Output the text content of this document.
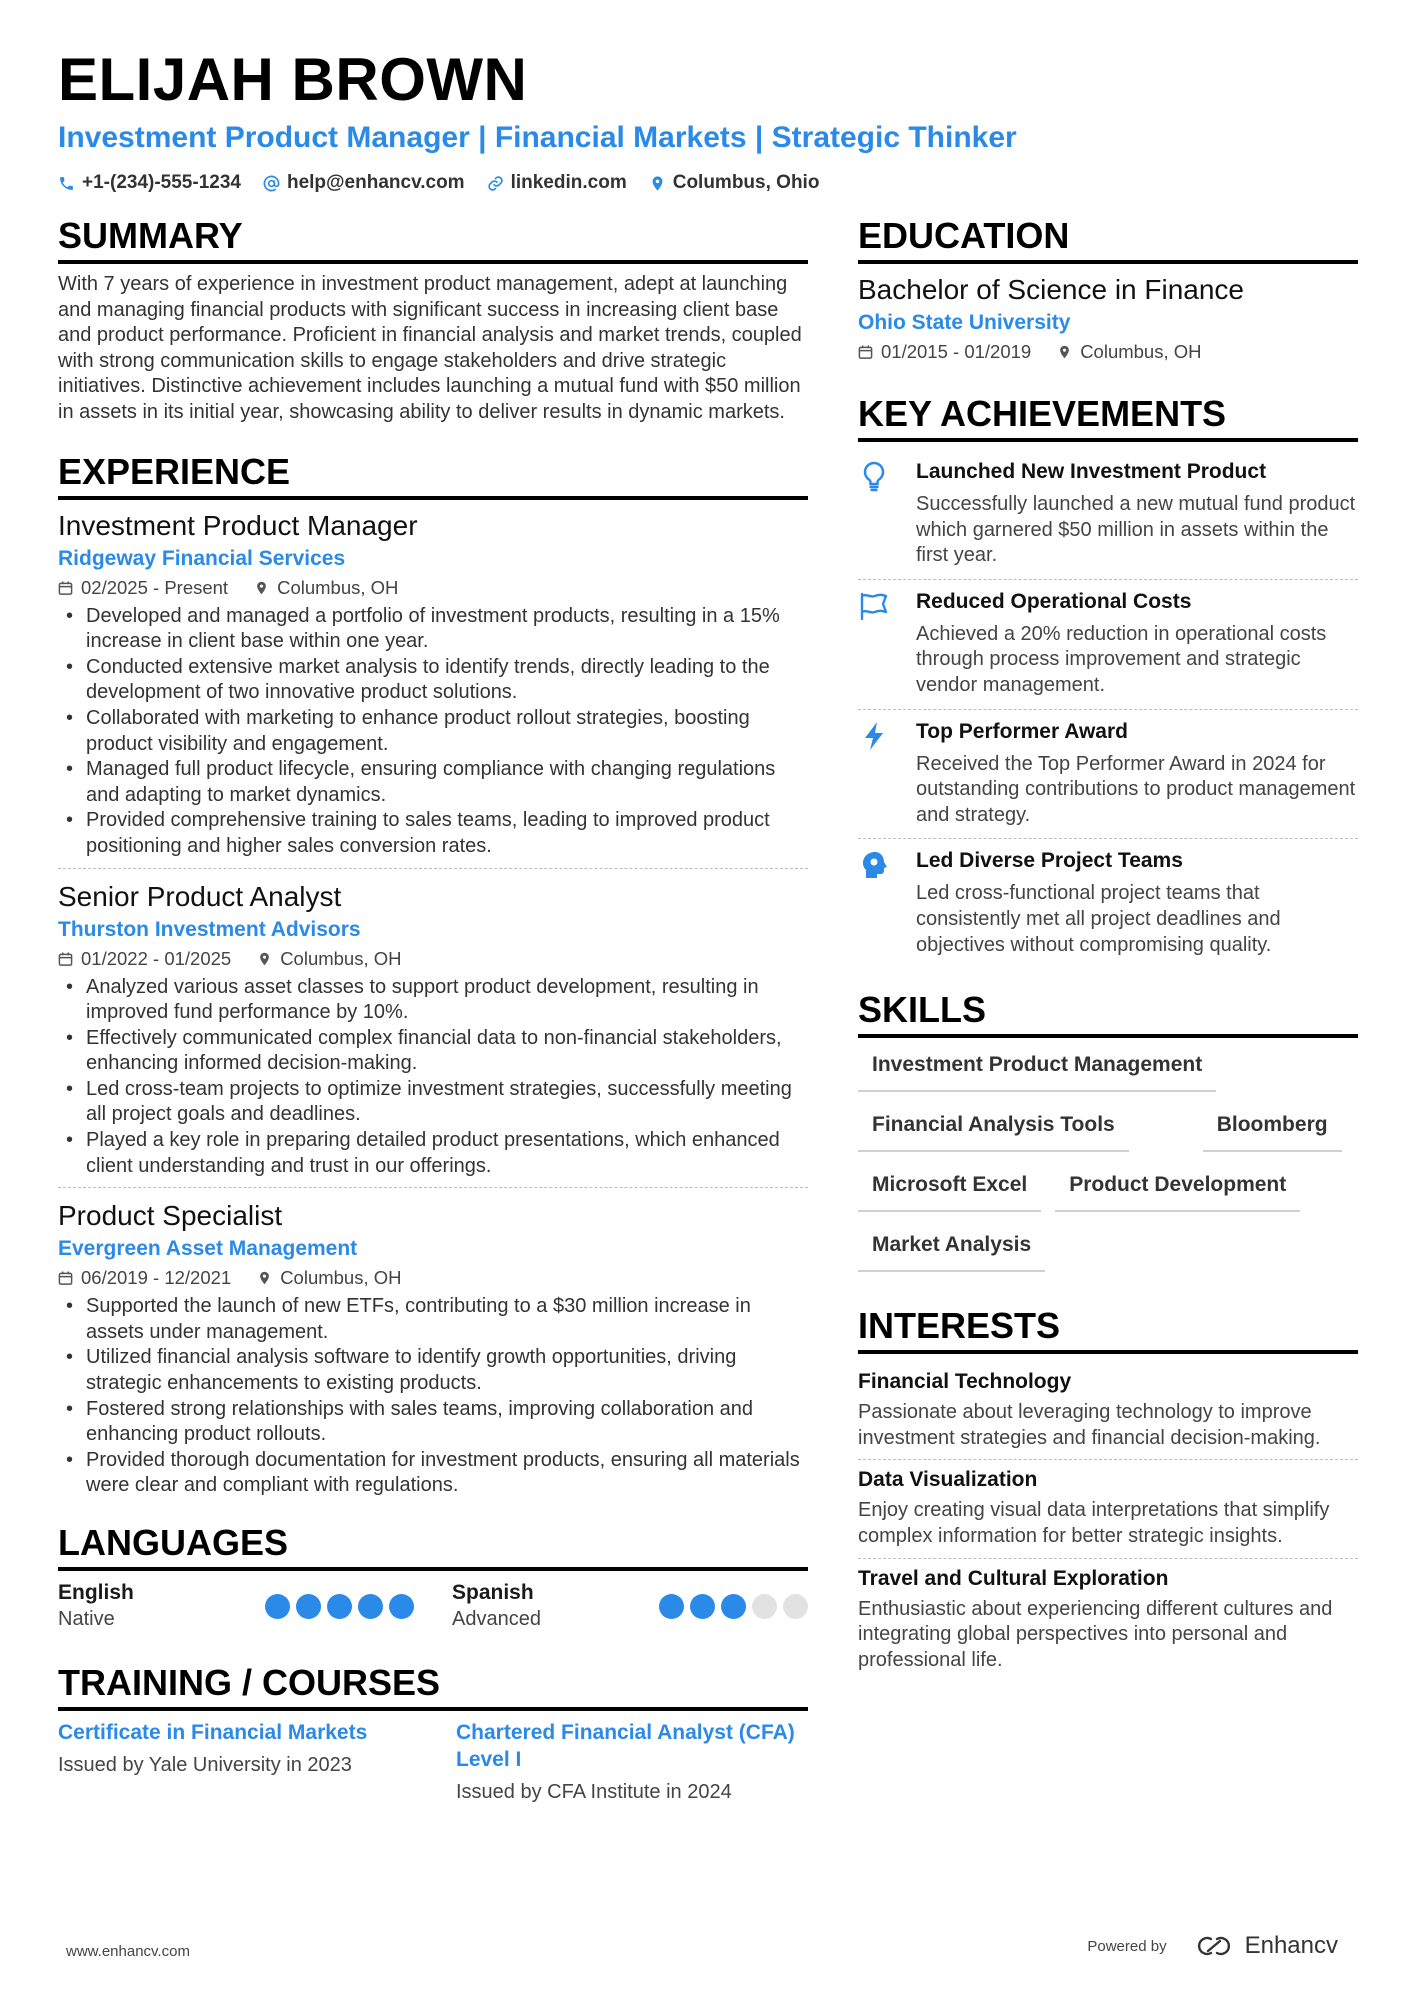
ELIJAH BROWN
Investment Product Manager | Financial Markets | Strategic Thinker
+1-(234)-555-1234 help@enhancv.com linkedin.com Columbus, Ohio
SUMMARY
With 7 years of experience in investment product management, adept at launching and managing financial products with significant success in increasing client base and product performance. Proficient in financial analysis and market trends, coupled with strong communication skills to engage stakeholders and drive strategic initiatives. Distinctive achievement includes launching a mutual fund with $50 million in assets in its initial year, showcasing ability to deliver results in dynamic markets.
EXPERIENCE
Investment Product Manager
Ridgeway Financial Services
02/2025 - Present	Columbus, OH
• Developed and managed a portfolio of investment products, resulting in a 15% increase in client base within one year.
• Conducted extensive market analysis to identify trends, directly leading to the development of two innovative product solutions.
• Collaborated with marketing to enhance product rollout strategies, boosting product visibility and engagement.
• Managed full product lifecycle, ensuring compliance with changing regulations and adapting to market dynamics.
• Provided comprehensive training to sales teams, leading to improved product positioning and higher sales conversion rates.
Senior Product Analyst
Thurston Investment Advisors
01/2022 - 01/2025	Columbus, OH
• Analyzed various asset classes to support product development, resulting in improved fund performance by 10%.
• Effectively communicated complex financial data to non-financial stakeholders, enhancing informed decision-making.
• Led cross-team projects to optimize investment strategies, successfully meeting all project goals and deadlines.
• Played a key role in preparing detailed product presentations, which enhanced client understanding and trust in our offerings.
Product Specialist
Evergreen Asset Management
06/2019 - 12/2021	Columbus, OH
• Supported the launch of new ETFs, contributing to a $30 million increase in assets under management.
• Utilized financial analysis software to identify growth opportunities, driving strategic enhancements to existing products.
• Fostered strong relationships with sales teams, improving collaboration and enhancing product rollouts.
• Provided thorough documentation for investment products, ensuring all materials were clear and compliant with regulations.
LANGUAGES
English
Native
Spanish
Advanced
TRAINING / COURSES
Certificate in Financial Markets
Issued by Yale University in 2023
Chartered Financial Analyst (CFA) Level I
Issued by CFA Institute in 2024
EDUCATION
Bachelor of Science in Finance
Ohio State University
01/2015 - 01/2019	Columbus, OH
KEY ACHIEVEMENTS
Launched New Investment Product
Successfully launched a new mutual fund product which garnered $50 million in assets within the first year.
Reduced Operational Costs
Achieved a 20% reduction in operational costs through process improvement and strategic vendor management.
Top Performer Award
Received the Top Performer Award in 2024 for outstanding contributions to product management and strategy.
Led Diverse Project Teams
Led cross-functional project teams that consistently met all project deadlines and objectives without compromising quality.
SKILLS
Investment Product Management
Financial Analysis Tools	Bloomberg
Microsoft Excel	Product Development
Market Analysis
INTERESTS
Financial Technology
Passionate about leveraging technology to improve investment strategies and financial decision-making.
Data Visualization
Enjoy creating visual data interpretations that simplify complex information for better strategic insights.
Travel and Cultural Exploration
Enthusiastic about experiencing different cultures and integrating global perspectives into personal and professional life.
www.enhancv.com	Powered by	Enhancv
